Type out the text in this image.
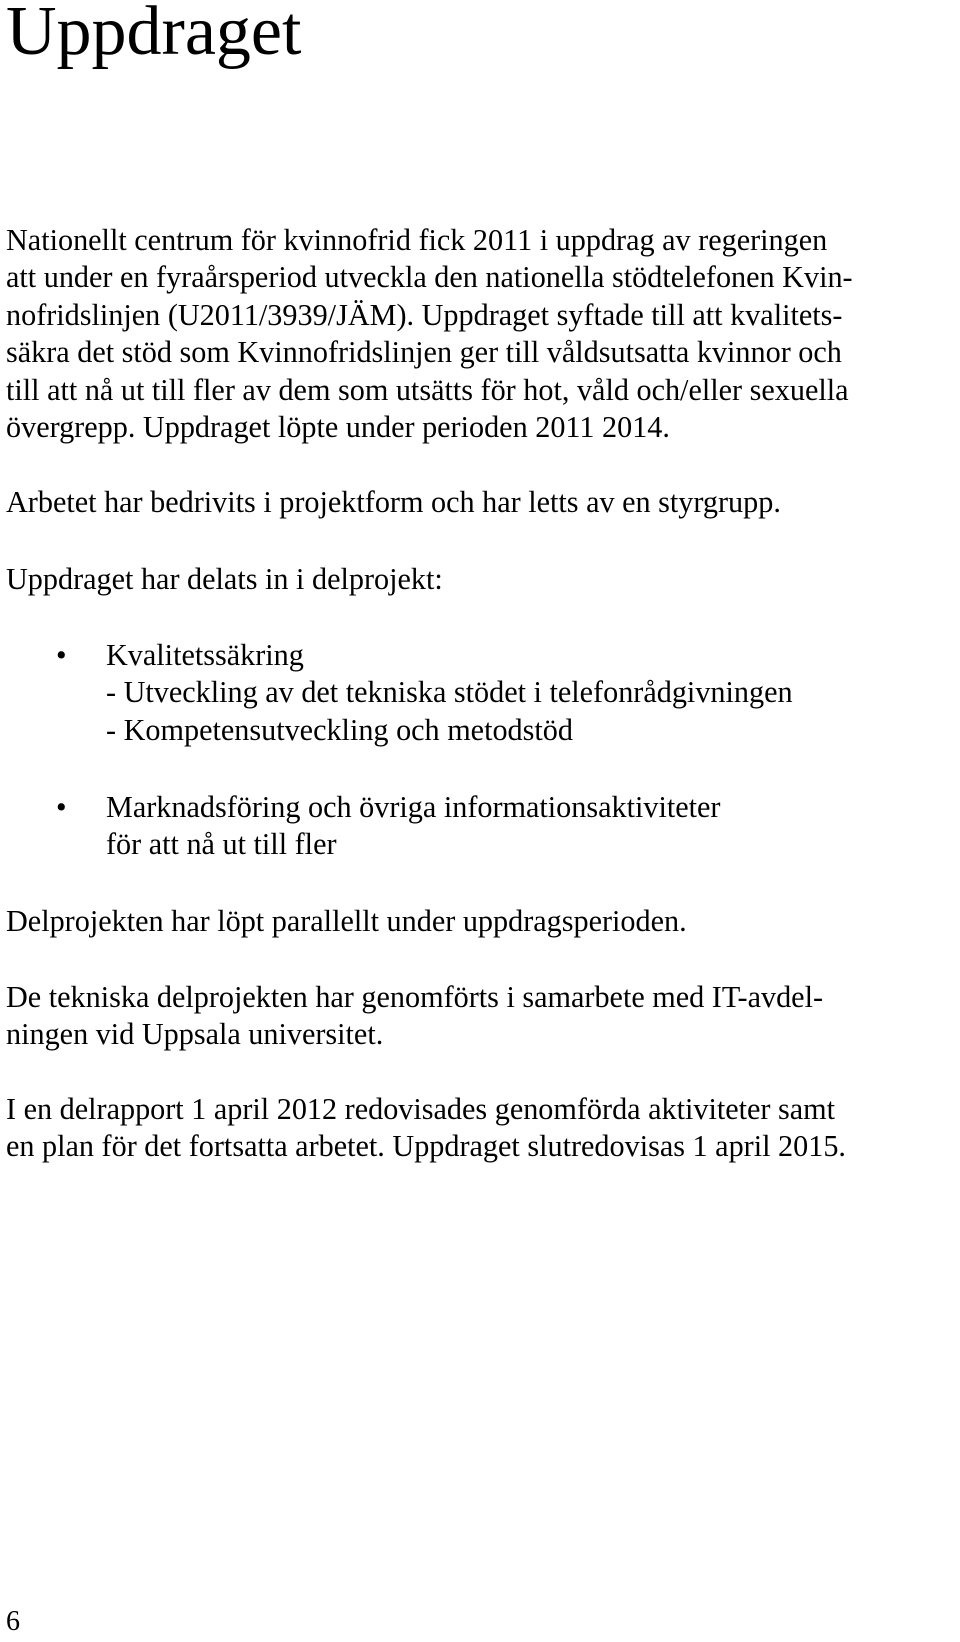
Uppdraget

Nationellt centrum för kvinnofrid fick 2011 i uppdrag av regeringen
att under en fyraårsperiod utveckla den nationella stödtelefonen Kvin-
nofridslinjen (U2011/3939/JÄM). Uppdraget syftade till att kvalitets-
säkra det stöd som Kvinnofridslinjen ger till våldsutsatta kvinnor och
till att nå ut till fler av dem som utsätts för hot, våld och/eller sexuella
övergrepp. Uppdraget löpte under perioden 2011 2014.

Arbetet har bedrivits i projektform och har letts av en styrgrupp.

Uppdraget har delats in i delprojekt:

• Kvalitetssäkring
- Utveckling av det tekniska stödet i telefonrådgivningen
- Kompetensutveckling och metodstöd
• Marknadsföring och övriga informationsaktiviteter
för att nå ut till fler

Delprojekten har löpt parallellt under uppdragsperioden.

De tekniska delprojekten har genomförts i samarbete med IT-avdel-
ningen vid Uppsala universitet.

I en delrapport 1 april 2012 redovisades genomförda aktiviteter samt
en plan för det fortsatta arbetet. Uppdraget slutredovisas 1 april 2015.

6
